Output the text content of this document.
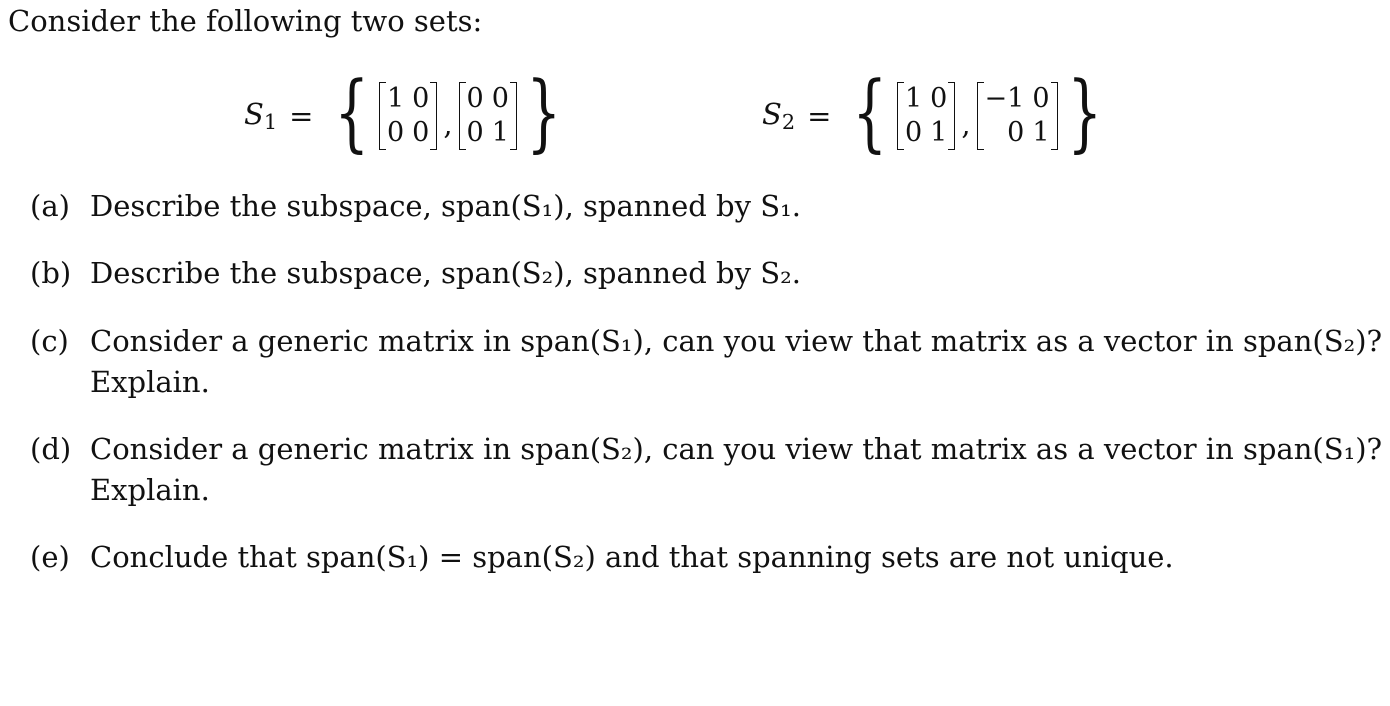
Consider the following two sets:
$S_1$ = { 1 0
0 0 ,
0 0
0 1 }	$S_2$ = { 1 0
0 1 ,
−1 0
0 1 }
(a) Describe the subspace, span(S₁), spanned by S₁.
(b) Describe the subspace, span(S₂), spanned by S₂.
(c) Consider a generic matrix in span(S₁), can you view that matrix as a vector in span(S₂)?
Explain.
(d) Consider a generic matrix in span(S₂), can you view that matrix as a vector in span(S₁)?
Explain.
(e) Conclude that span(S₁) = span(S₂) and that spanning sets are not unique.
